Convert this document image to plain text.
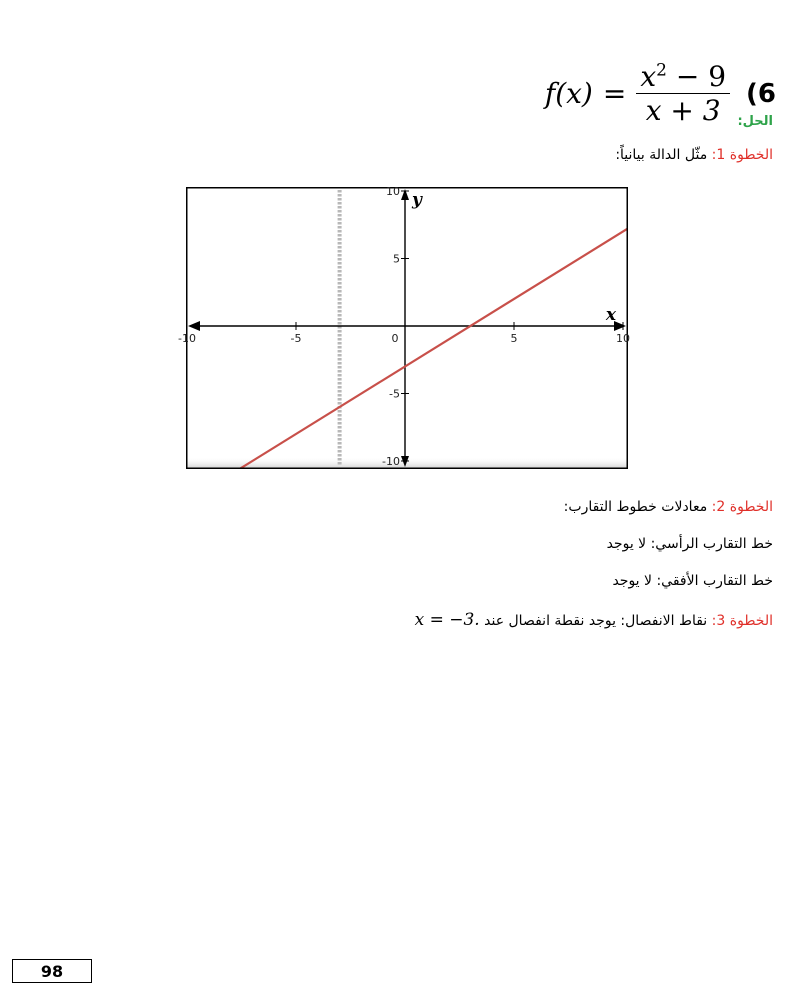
$f(x) = \frac{x^2 - 9}{x + 3} (6$
الحل:
الخطوة 1: مثّل الدالة بيانياً:
-10	-5	0	5	10
-10
-5
5
10
x
y
الخطوة 2: معادلات خطوط التقارب:
خط التقارب الرأسي: لا يوجد
خط التقارب الأفقي: لا يوجد
الخطوة 3: نقاط الانفصال: يوجد نقطة انفصال عند x = −3.
98
